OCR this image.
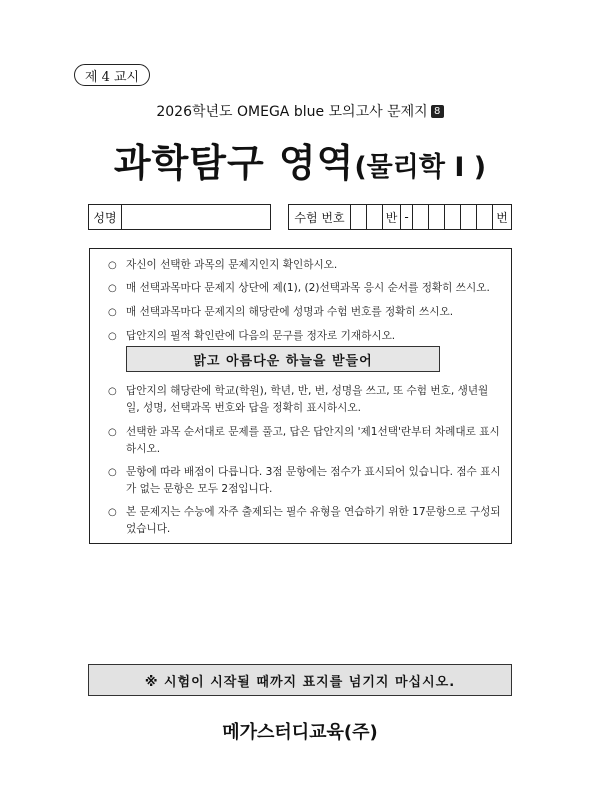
제 4 교시
2026학년도 OMEGA blue 모의고사 문제지 8
과학탐구 영역(물리학 I )
성명	수험 번호	반 -	번
○ 자신이 선택한 과목의 문제지인지 확인하시오.
○ 매 선택과목마다 문제지 상단에 제(1), (2)선택과목 응시 순서를 정확히 쓰시오.
○ 매 선택과목마다 문제지의 해당란에 성명과 수험 번호를 정확히 쓰시오.
○ 답안지의 필적 확인란에 다음의 문구를 정자로 기재하시오.
○ 답안지의 해당란에 학교(학원), 학년, 반, 번, 성명을 쓰고, 또 수험 번호, 생년월일, 성명, 선택과목 번호와 답을 정확히 표시하시오.
○ 선택한 과목 순서대로 문제를 풀고, 답은 답안지의 '제1선택'란부터 차례대로 표시하시오.
○ 문항에 따라 배점이 다릅니다. 3점 문항에는 점수가 표시되어 있습니다. 점수 표시가 없는 문항은 모두 2점입니다.
○ 본 문제지는 수능에 자주 출제되는 필수 유형을 연습하기 위한 17문항으로 구성되었습니다.
맑고 아름다운 하늘을 받들어
※ 시험이 시작될 때까지 표지를 넘기지 마십시오.
메가스터디교육(주)
